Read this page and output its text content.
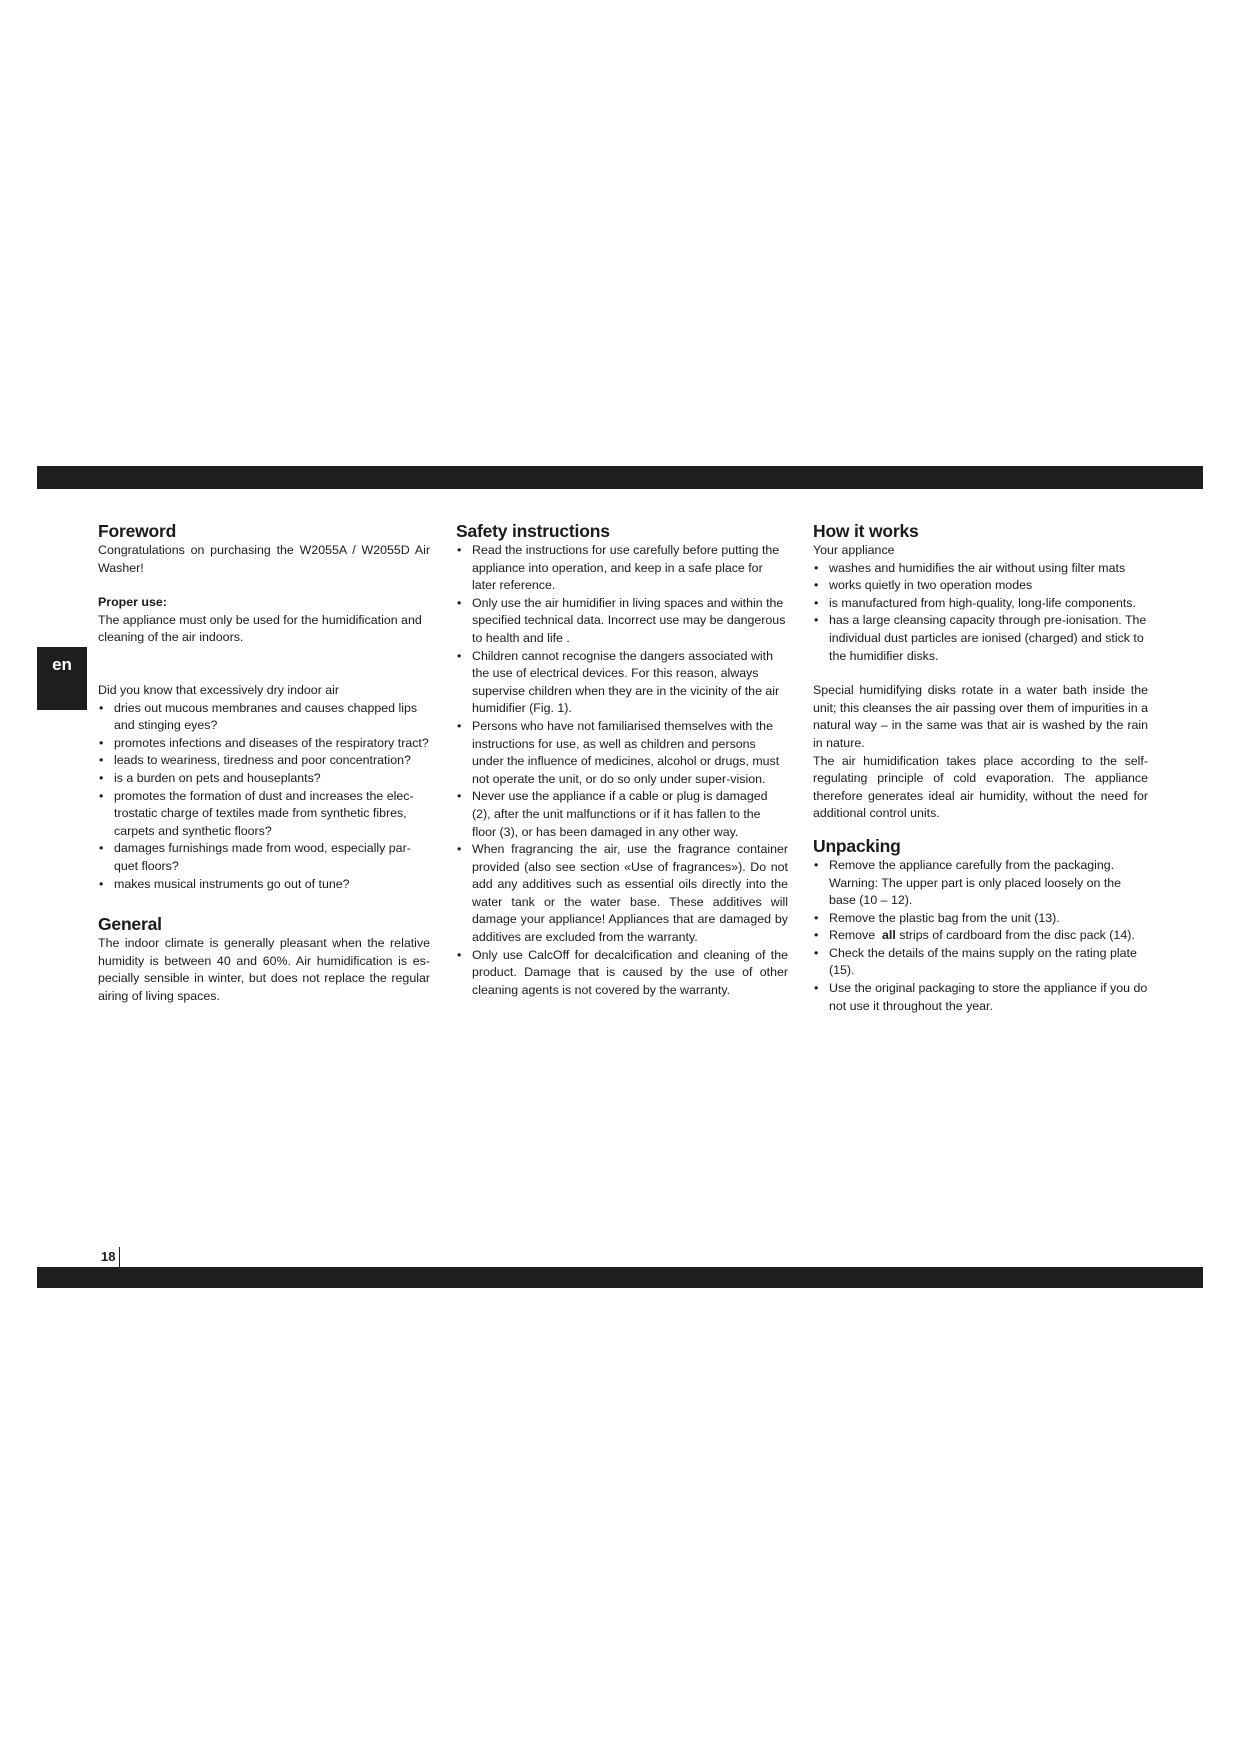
en
Foreword

Congratulations on purchasing the W2055A / W2055D Air Washer!

Proper use:

The appliance must only be used for the humidification and cleaning of the air indoors.

Did you know that excessively dry indoor air

• dries out mucous membranes and causes chapped lips and stinging eyes?
• promotes infections and diseases of the respiratory tract?
• leads to weariness, tiredness and poor concentration?
• is a burden on pets and houseplants?
• promotes the formation of dust and increases the elec-trostatic charge of textiles made from synthetic fibres, carpets and synthetic floors?
• damages furnishings made from wood, especially par-quet floors?
• makes musical instruments go out of tune?
General

The indoor climate is generally pleasant when the relative humidity is between 40 and 60%. Air humidification is es-pecially sensible in winter, but does not replace the regular airing of living spaces.

Safety instructions
• Read the instructions for use carefully before putting the appliance into operation, and keep in a safe place for later reference.
• Only use the air humidifier in living spaces and within the specified technical data. Incorrect use may be dangerous to health and life .
• Children cannot recognise the dangers associated with the use of electrical devices. For this reason, always supervise children when they are in the vicinity of the air humidifier (Fig. 1).
• Persons who have not familiarised themselves with the instructions for use, as well as children and persons under the influence of medicines, alcohol or drugs, must not operate the unit, or do so only under super-vision.
• Never use the appliance if a cable or plug is damaged (2), after the unit malfunctions or if it has fallen to the floor (3), or has been damaged in any other way.
• When fragrancing the air, use the fragrance container provided (also see section «Use of fragrances»). Do not add any additives such as essential oils directly into the water tank or the water base. These additives will damage your appliance! Appliances that are damaged by additives are excluded from the warranty.
• Only use CalcOff for decalcification and cleaning of the product. Damage that is caused by the use of other cleaning agents is not covered by the warranty.
How it works

Your appliance

• washes and humidifies the air without using filter mats
• works quietly in two operation modes
• is manufactured from high-quality, long-life components.
• has a large cleansing capacity through pre-ionisation. The individual dust particles are ionised (charged) and stick to the humidifier disks.

Special humidifying disks rotate in a water bath inside the unit; this cleanses the air passing over them of impurities in a natural way – in the same was that air is washed by the rain in nature.

The air humidification takes place according to the self-regulating principle of cold evaporation. The appliance therefore generates ideal air humidity, without the need for additional control units.

Unpacking
• Remove the appliance carefully from the packaging. Warning: The upper part is only placed loosely on the base (10 – 12).
• Remove the plastic bag from the unit (13).
• Remove all strips of cardboard from the disc pack (14).
• Check the details of the mains supply on the rating plate (15).
• Use the original packaging to store the appliance if you do not use it throughout the year.
18
